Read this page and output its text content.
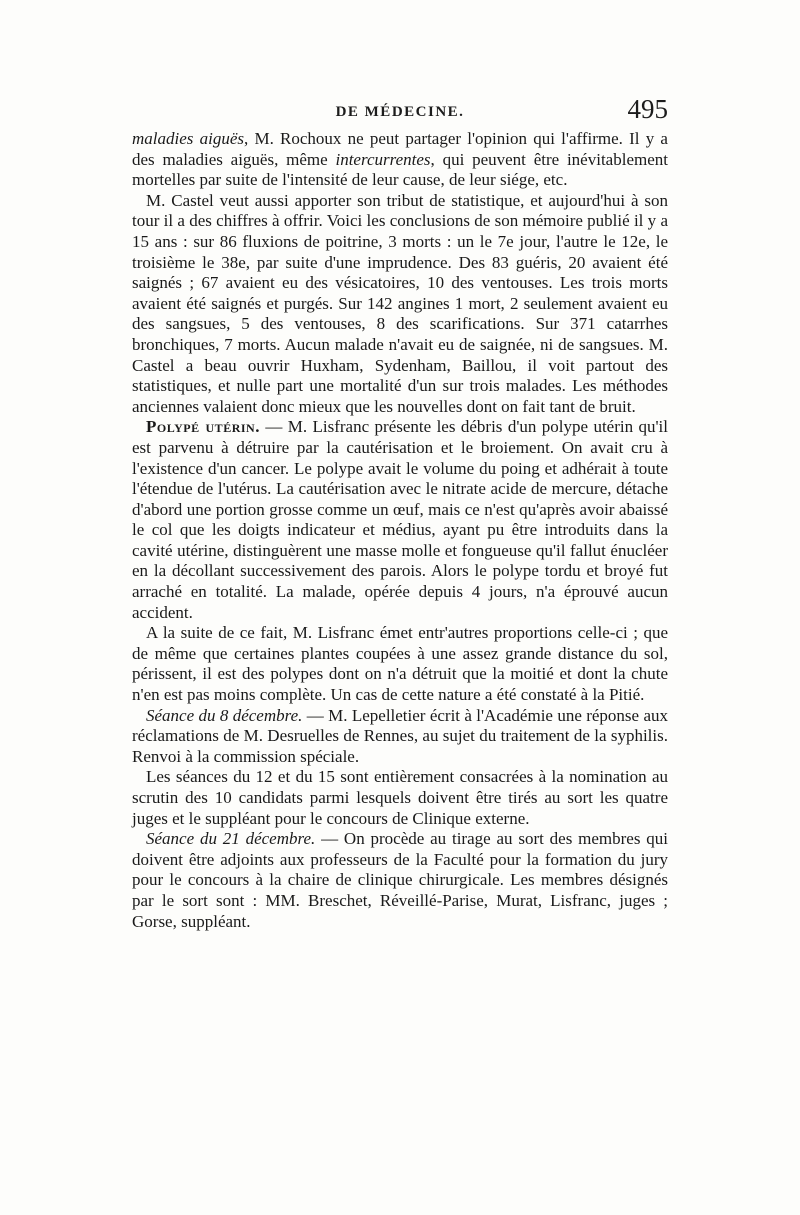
DE MÉDECINE.	495

maladies aiguës, M. Rochoux ne peut partager l'opinion qui l'affirme. Il y a des maladies aiguës, même intercurrentes, qui peuvent être inévitablement mortelles par suite de l'intensité de leur cause, de leur siége, etc.

M. Castel veut aussi apporter son tribut de statistique, et aujourd'hui à son tour il a des chiffres à offrir. Voici les conclusions de son mémoire publié il y a 15 ans : sur 86 fluxions de poitrine, 3 morts : un le 7e jour, l'autre le 12e, le troisième le 38e, par suite d'une imprudence. Des 83 guéris, 20 avaient été saignés ; 67 avaient eu des vésicatoires, 10 des ventouses. Les trois morts avaient été saignés et purgés. Sur 142 angines 1 mort, 2 seulement avaient eu des sangsues, 5 des ventouses, 8 des scarifications. Sur 371 catarrhes bronchiques, 7 morts. Aucun malade n'avait eu de saignée, ni de sangsues. M. Castel a beau ouvrir Huxham, Sydenham, Baillou, il voit partout des statistiques, et nulle part une mortalité d'un sur trois malades. Les méthodes anciennes valaient donc mieux que les nouvelles dont on fait tant de bruit.

Polypé utérin. — M. Lisfranc présente les débris d'un polype utérin qu'il est parvenu à détruire par la cautérisation et le broiement. On avait cru à l'existence d'un cancer. Le polype avait le volume du poing et adhérait à toute l'étendue de l'utérus. La cautérisation avec le nitrate acide de mercure, détache d'abord une portion grosse comme un œuf, mais ce n'est qu'après avoir abaissé le col que les doigts indicateur et médius, ayant pu être introduits dans la cavité utérine, distinguèrent une masse molle et fongueuse qu'il fallut énucléer en la décollant successivement des parois. Alors le polype tordu et broyé fut arraché en totalité. La malade, opérée depuis 4 jours, n'a éprouvé aucun accident.

A la suite de ce fait, M. Lisfranc émet entr'autres proportions celle-ci ; que de même que certaines plantes coupées à une assez grande distance du sol, périssent, il est des polypes dont on n'a détruit que la moitié et dont la chute n'en est pas moins complète. Un cas de cette nature a été constaté à la Pitié.

Séance du 8 décembre. — M. Lepelletier écrit à l'Académie une réponse aux réclamations de M. Desruelles de Rennes, au sujet du traitement de la syphilis. Renvoi à la commission spéciale.

Les séances du 12 et du 15 sont entièrement consacrées à la nomination au scrutin des 10 candidats parmi lesquels doivent être tirés au sort les quatre juges et le suppléant pour le concours de Clinique externe.

Séance du 21 décembre. — On procède au tirage au sort des membres qui doivent être adjoints aux professeurs de la Faculté pour la formation du jury pour le concours à la chaire de clinique chirurgicale. Les membres désignés par le sort sont : MM. Breschet, Réveillé-Parise, Murat, Lisfranc, juges ; Gorse, suppléant.
